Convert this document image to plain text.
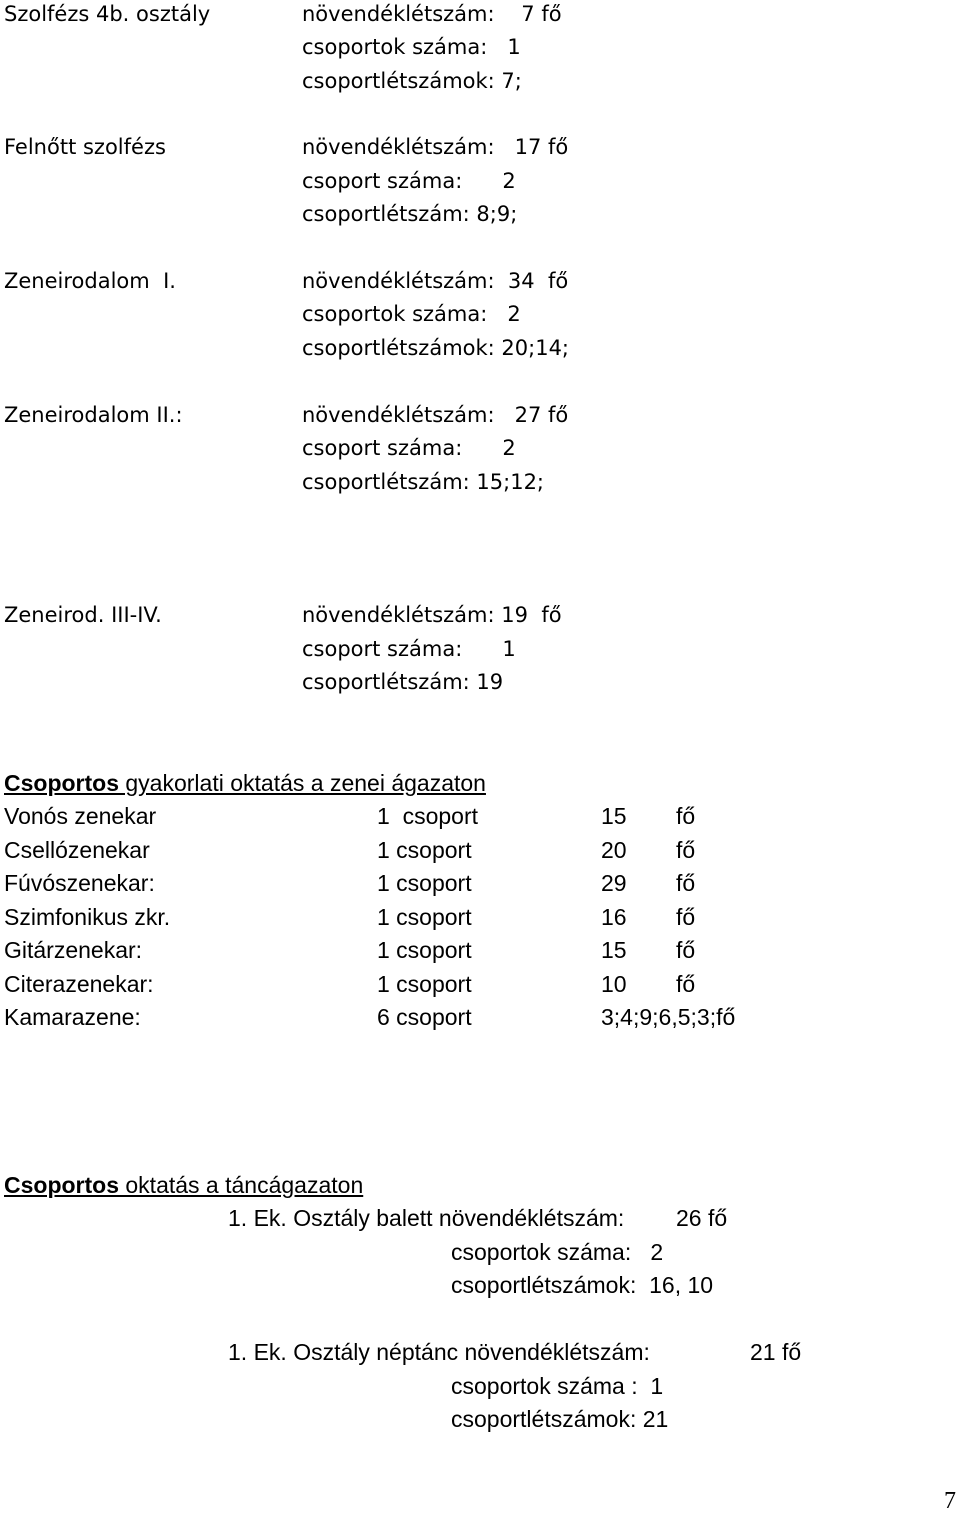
Szolfézs 4b. osztály	növendéklétszám:    7 fő
csoportok száma:   1
csoportlétszámok: 7;
Felnőtt szolfézs	növendéklétszám:   17 fő
csoport száma:      2
csoportlétszám: 8;9;
Zeneirodalom  I.	növendéklétszám:  34  fő
csoportok száma:   2
csoportlétszámok: 20;14;
Zeneirodalom II.:	növendéklétszám:   27 fő
csoport száma:      2
csoportlétszám: 15;12;
Zeneirod. III-IV.	növendéklétszám: 19  fő
csoport száma:      1
csoportlétszám: 19
Csoportos gyakorlati oktatás a zenei ágazaton
Vonós zenekar	1  csoport	15 fő
Csellózenekar	1 csoport	20 fő
Fúvószenekar:	1 csoport	29 fő
Szimfonikus zkr.	1 csoport	16 fő
Gitárzenekar:	1 csoport	15 fő
Citerazenekar:	1 csoport	10 fő
Kamarazene:	6 csoport	3;4;9;6,5;3;fő
Csoportos oktatás a táncágazaton
1. Ek. Osztály balett növendéklétszám: 26 fő
csoportok száma:   2
csoportlétszámok:  16, 10
1. Ek. Osztály néptánc növendéklétszám:	21 fő
csoportok száma :  1
csoportlétszámok: 21
7
